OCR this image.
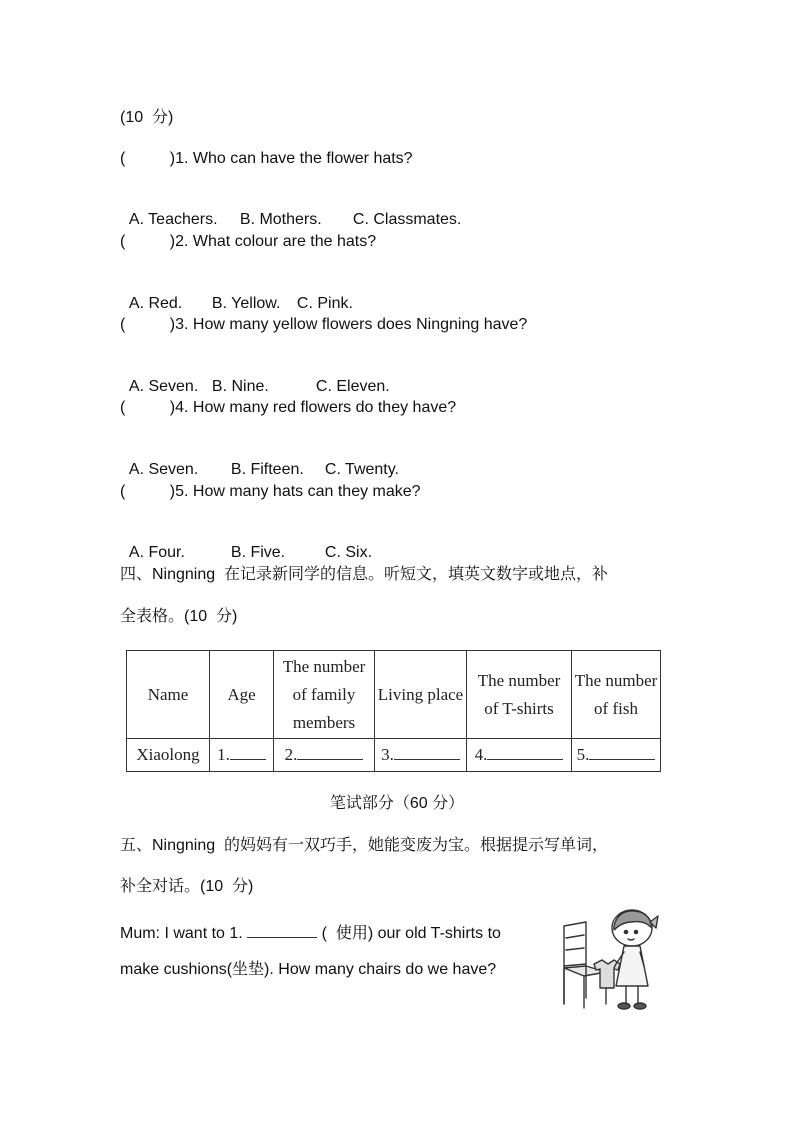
(10  分)
(          )1. Who can have the flower hats?

A. Teachers. B. Mothers. C. Classmates.

(          )2. What colour are the hats?

A. Red. B. Yellow. C. Pink.

(          )3. How many yellow flowers does Ningning have?

A. Seven. B. Nine.	C. Eleven.

(          )4. How many red flowers do they have?

A. Seven. B. Fifteen. C. Twenty.

(          )5. How many hats can they make?

A. Four.	B. Five. C. Six.

四、Ningning  在记录新同学的信息。听短文，填英文数字或地点，补
全表格。(10  分)
Name	Age	The number of family members	Living place	The number of T-shirts	The number of fish
Xiaolong	1.	2.	3.	4.	5.
笔试部分（60 分）
五、Ningning  的妈妈有一双巧手，她能变废为宝。根据提示写单词，
补全对话。(10  分)
Mum: I want to 1.	(  使用) our old T-shirts to
make cushions(坐垫). How many chairs do we have?
